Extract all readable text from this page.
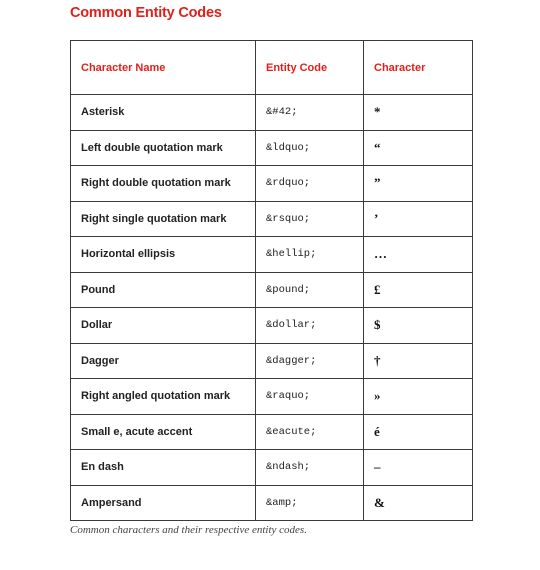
Common Entity Codes
Character Name	Entity Code	Character
Asterisk	&#42;	*
Left double quotation mark	&ldquo;	“
Right double quotation mark	&rdquo;	”
Right single quotation mark	&rsquo;	’
Horizontal ellipsis	&hellip;	…
Pound	&pound;	£
Dollar	&dollar;	$
Dagger	&dagger;	†
Right angled quotation mark	&raquo;	»
Small e, acute accent	&eacute;	é
En dash	&ndash;	–
Ampersand	&amp;	&
Common characters and their respective entity codes.
